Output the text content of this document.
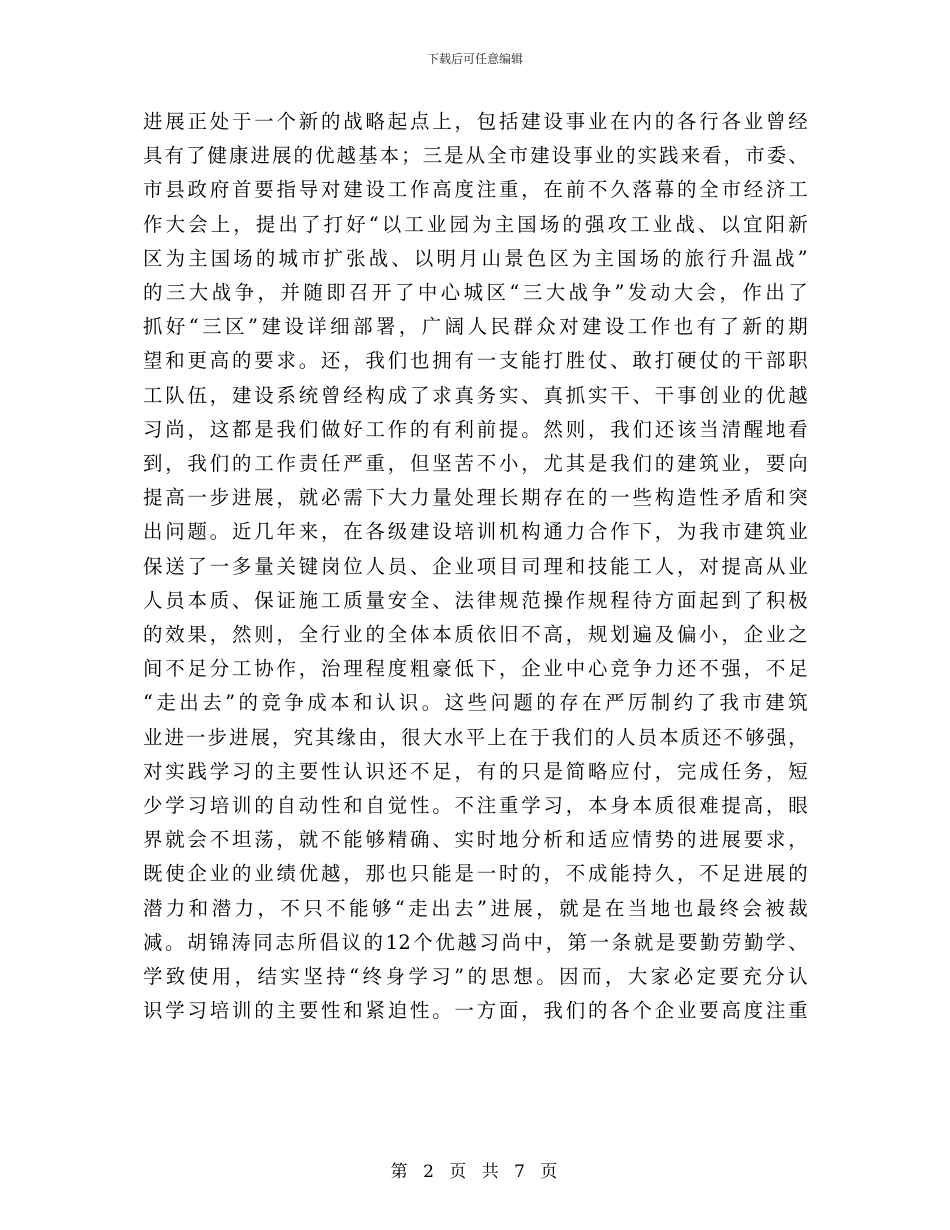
下载后可任意编辑
进展正处于一个新的战略起点上，包括建设事业在内的各行各业曾经
具有了健康进展的优越基本；三是从全市建设事业的实践来看，市委、
市县政府首要指导对建设工作高度注重，在前不久落幕的全市经济工
作大会上，提出了打好“以工业园为主国场的强攻工业战、以宜阳新
区为主国场的城市扩张战、以明月山景色区为主国场的旅行升温战”
的三大战争，并随即召开了中心城区“三大战争”发动大会，作出了
抓好“三区”建设详细部署，广阔人民群众对建设工作也有了新的期
望和更高的要求。还，我们也拥有一支能打胜仗、敢打硬仗的干部职
工队伍，建设系统曾经构成了求真务实、真抓实干、干事创业的优越
习尚，这都是我们做好工作的有利前提。然则，我们还该当清醒地看
到，我们的工作责任严重，但坚苦不小，尤其是我们的建筑业，要向
提高一步进展，就必需下大力量处理长期存在的一些构造性矛盾和突
出问题。近几年来，在各级建设培训机构通力合作下，为我市建筑业
保送了一多量关键岗位人员、企业项目司理和技能工人，对提高从业
人员本质、保证施工质量安全、法律规范操作规程待方面起到了积极
的效果，然则，全行业的全体本质依旧不高，规划遍及偏小，企业之
间不足分工协作，治理程度粗豪低下，企业中心竞争力还不强，不足
“走出去”的竞争成本和认识。这些问题的存在严厉制约了我市建筑
业进一步进展，究其缘由，很大水平上在于我们的人员本质还不够强，
对实践学习的主要性认识还不足，有的只是简略应付，完成任务，短
少学习培训的自动性和自觉性。不注重学习，本身本质很难提高，眼
界就会不坦荡，就不能够精确、实时地分析和适应情势的进展要求，
既使企业的业绩优越，那也只能是一时的，不成能持久，不足进展的
潜力和潜力，不只不能够“走出去”进展，就是在当地也最终会被裁
减。胡锦涛同志所倡议的12个优越习尚中，第一条就是要勤劳勤学、
学致使用，结实坚持“终身学习”的思想。因而，大家必定要充分认
识学习培训的主要性和紧迫性。一方面，我们的各个企业要高度注重
第 2 页 共 7 页
